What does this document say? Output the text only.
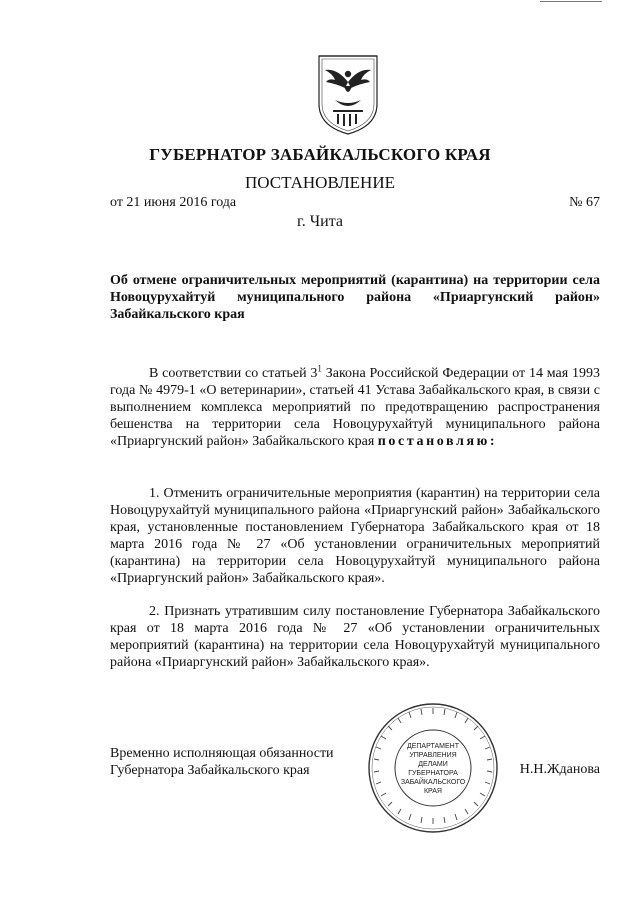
ГУБЕРНАТОР ЗАБАЙКАЛЬСКОГО КРАЯ
ПОСТАНОВЛЕНИЕ
от 21 июня 2016 года	№ 67
г. Чита
Об отмене ограничительных мероприятий (карантина) на территории села Новоцурухайтуй муниципального района «Приаргунский район» Забайкальского края

В соответствии со статьей $3^1$ Закона Российской Федерации от 14 мая 1993 года № 4979-1 «О ветеринарии», статьей 41 Устава Забайкальского края, в связи с выполнением комплекса мероприятий по предотвращению распространения бешенства на территории села Новоцурухайтуй муниципального района «Приаргунский район» Забайкальского края постановляю:

1. Отменить ограничительные мероприятия (карантин) на территории села Новоцурухайтуй муниципального района «Приаргунский район» Забайкальского края, установленные постановлением Губернатора Забайкальского края от 18 марта 2016 года № 27 «Об установлении ограничительных мероприятий (карантина) на территории села Новоцурухайтуй муниципального района «Приаргунский район» Забайкальского края».

2. Признать утратившим силу постановление Губернатора Забайкальского края от 18 марта 2016 года № 27 «Об установлении ограничительных мероприятий (карантина) на территории села Новоцурухайтуй муниципального района «Приаргунский район» Забайкальского края».

Временно исполняющая обязанности
Губернатора Забайкальского края
ДЕПАРТАМЕНТ
УПРАВЛЕНИЯ
ДЕЛАМИ
ГУБЕРНАТОРА
ЗАБАЙКАЛЬСКОГО
КРАЯ
Н.Н.Жданова
